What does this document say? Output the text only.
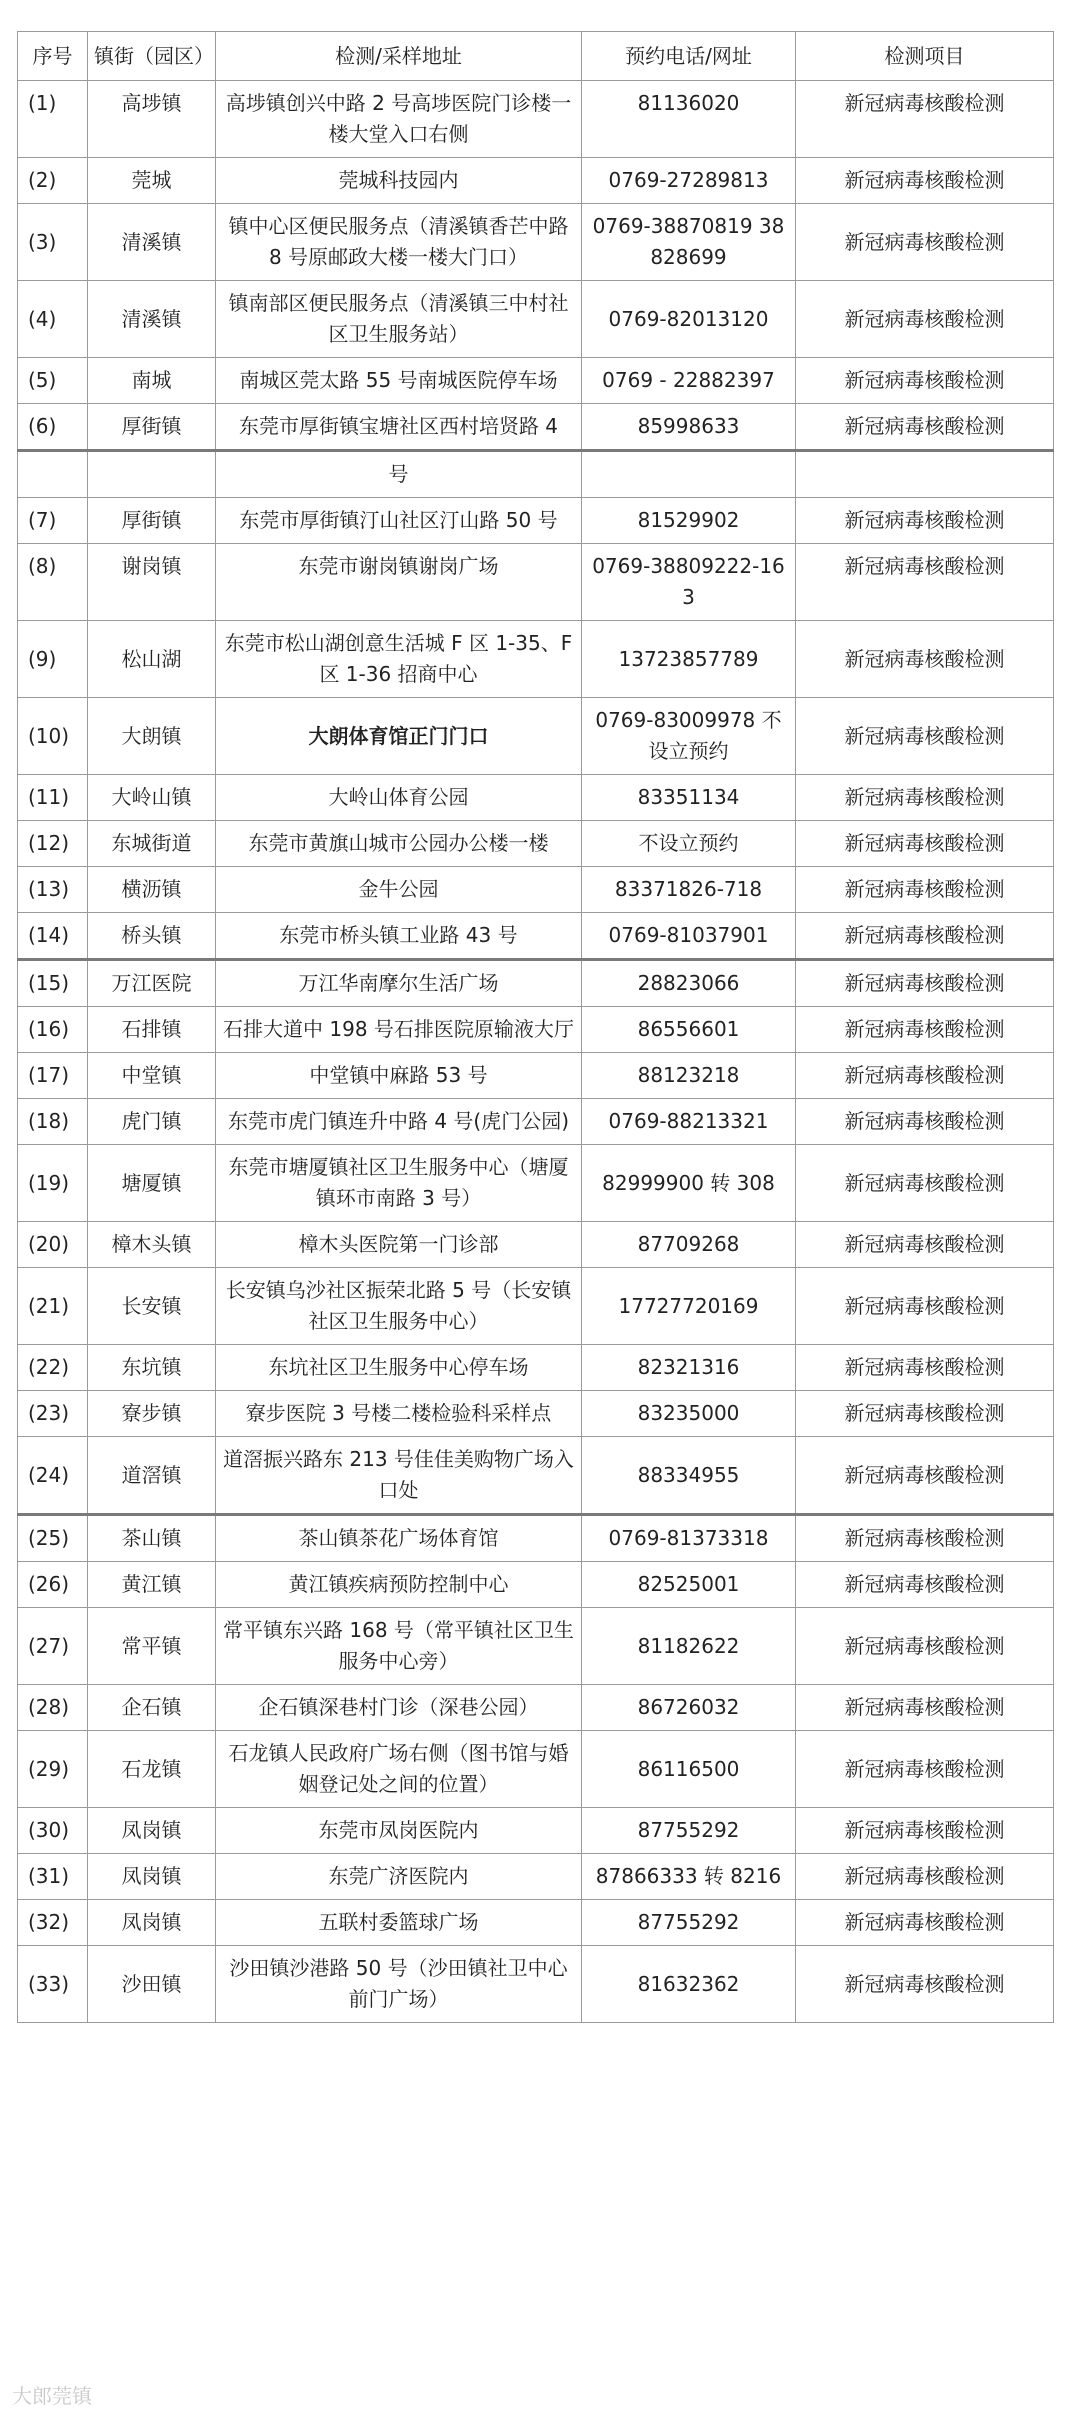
序号	镇街（园区）	检测/采样地址	预约电话/网址	检测项目
(1)	高埗镇	高埗镇创兴中路 2 号高埗医院门诊楼一楼大堂入口右侧	81136020	新冠病毒核酸检测
(2)	莞城	莞城科技园内	0769-27289813	新冠病毒核酸检测
(3)	清溪镇	镇中心区便民服务点（清溪镇香芒中路 8 号原邮政大楼一楼大门口）	0769-38870819 38828699	新冠病毒核酸检测
(4)	清溪镇	镇南部区便民服务点（清溪镇三中村社区卫生服务站）	0769-82013120	新冠病毒核酸检测
(5)	南城	南城区莞太路 55 号南城医院停车场	0769 - 22882397	新冠病毒核酸检测
(6)	厚街镇	东莞市厚街镇宝塘社区西村培贤路 4	85998633	新冠病毒核酸检测
		号		
(7)	厚街镇	东莞市厚街镇汀山社区汀山路 50 号	81529902	新冠病毒核酸检测
(8)	谢岗镇	东莞市谢岗镇谢岗广场	0769-38809222-163	新冠病毒核酸检测
(9)	松山湖	东莞市松山湖创意生活城 F 区 1-35、F 区 1-36 招商中心	13723857789	新冠病毒核酸检测
(10)	大朗镇	大朗体育馆正门门口	0769-83009978 不设立预约	新冠病毒核酸检测
(11)	大岭山镇	大岭山体育公园	83351134	新冠病毒核酸检测
(12)	东城街道	东莞市黄旗山城市公园办公楼一楼	不设立预约	新冠病毒核酸检测
(13)	横沥镇	金牛公园	83371826-718	新冠病毒核酸检测
(14)	桥头镇	东莞市桥头镇工业路 43 号	0769-81037901	新冠病毒核酸检测
(15)	万江医院	万江华南摩尔生活广场	28823066	新冠病毒核酸检测
(16)	石排镇	石排大道中 198 号石排医院原输液大厅	86556601	新冠病毒核酸检测
(17)	中堂镇	中堂镇中麻路 53 号	88123218	新冠病毒核酸检测
(18)	虎门镇	东莞市虎门镇连升中路 4 号(虎门公园)	0769-88213321	新冠病毒核酸检测
(19)	塘厦镇	东莞市塘厦镇社区卫生服务中心（塘厦镇环市南路 3 号）	82999900 转 308	新冠病毒核酸检测
(20)	樟木头镇	樟木头医院第一门诊部	87709268	新冠病毒核酸检测
(21)	长安镇	长安镇乌沙社区振荣北路 5 号（长安镇社区卫生服务中心）	17727720169	新冠病毒核酸检测
(22)	东坑镇	东坑社区卫生服务中心停车场	82321316	新冠病毒核酸检测
(23)	寮步镇	寮步医院 3 号楼二楼检验科采样点	83235000	新冠病毒核酸检测
(24)	道滘镇	道滘振兴路东 213 号佳佳美购物广场入口处	88334955	新冠病毒核酸检测
(25)	茶山镇	茶山镇茶花广场体育馆	0769-81373318	新冠病毒核酸检测
(26)	黄江镇	黄江镇疾病预防控制中心	82525001	新冠病毒核酸检测
(27)	常平镇	常平镇东兴路 168 号（常平镇社区卫生服务中心旁）	81182622	新冠病毒核酸检测
(28)	企石镇	企石镇深巷村门诊（深巷公园）	86726032	新冠病毒核酸检测
(29)	石龙镇	石龙镇人民政府广场右侧（图书馆与婚姻登记处之间的位置）	86116500	新冠病毒核酸检测
(30)	凤岗镇	东莞市凤岗医院内	87755292	新冠病毒核酸检测
(31)	凤岗镇	东莞广济医院内	87866333 转 8216	新冠病毒核酸检测
(32)	凤岗镇	五联村委篮球广场	87755292	新冠病毒核酸检测
(33)	沙田镇	沙田镇沙港路 50 号（沙田镇社卫中心前门广场）	81632362	新冠病毒核酸检测
大郎莞镇
